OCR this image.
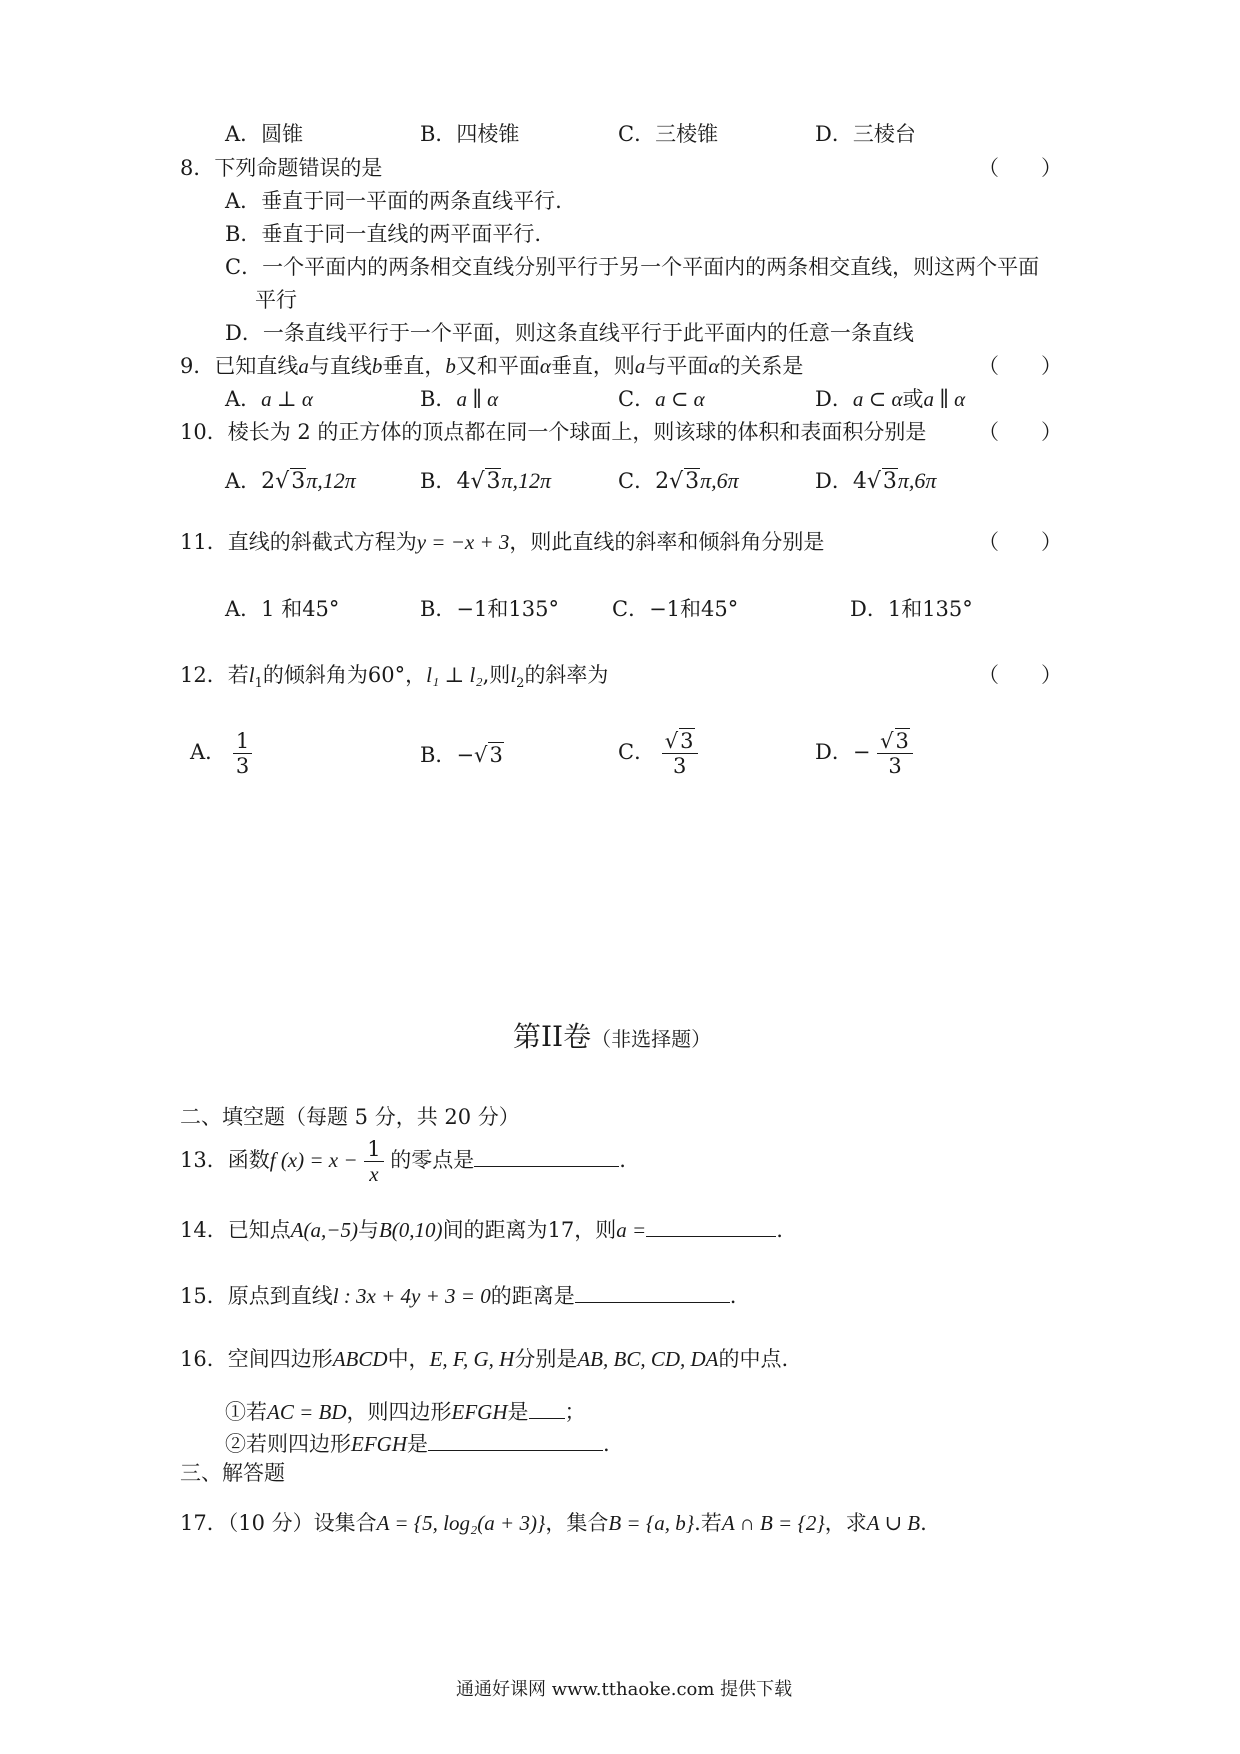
A．圆锥	B．四棱锥	C．三棱锥	D．三棱台
8．下列命题错误的是	（　　）
A．垂直于同一平面的两条直线平行.
B．垂直于同一直线的两平面平行.
C．一个平面内的两条相交直线分别平行于另一个平面内的两条相交直线，则这两个平面
平行
D．一条直线平行于一个平面，则这条直线平行于此平面内的任意一条直线
9．已知直线a与直线b垂直，b又和平面α垂直，则a与平面α的关系是	（　　）
A．a ⊥ α	B．a ∥ α	C．a ⊂ α	D．a ⊂ α或a ∥ α
10．棱长为 2 的正方体的顶点都在同一个球面上，则该球的体积和表面积分别是 （　　）
A．2√3π,12π	B．4√3π,12π	C．2√3π,6π	D．4√3π,6π
11．直线的斜截式方程为y = −x + 3，则此直线的斜率和倾斜角分别是	（　　）
A．1 和45°	B．−1和135°	C．−1和45°	D．1和135°
12．若$l_1$的倾斜角为60°，l₁ ⊥ l₂,则$l_2$的斜率为	（　　）
A． $\frac{1}{3}$	B．−√3	C． $\frac{√3}{3}$	D．− $\frac{√3}{3}$
第II卷（非选择题）
二、填空题（每题 5 分，共 20 分）
13．函数f $(x) = x - \frac{1}{x}$ 的零点是	.
14．已知点A(a,−5)与B(0,10)间的距离为17，则a =	.
15．原点到直线l : 3x + 4y + 3 = 0的距离是	.
16．空间四边形ABCD中，E, F, G, H分别是AB, BC, CD, DA的中点.
①若AC = BD，则四边形EFGH是 ；
②若则四边形EFGH是	.
三、解答题
17．（10 分）设集合A = {5, log₂(a + 3)}，集合B = {a, b}.若A ∩ B = {2}，求A ∪ B.
通通好课网 www.tthaoke.com 提供下载
